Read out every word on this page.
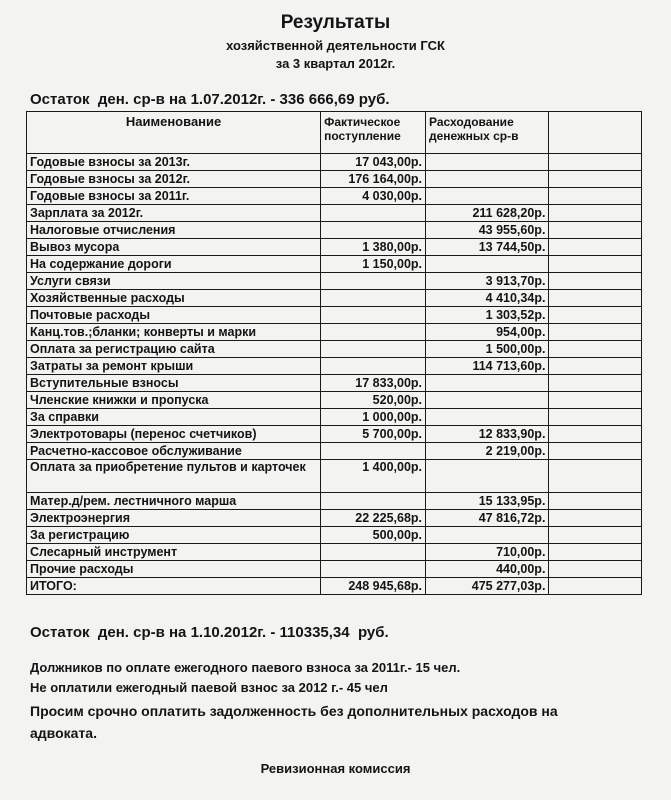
Результаты
хозяйственной деятельности ГСК
за 3 квартал 2012г.
Остаток  ден. ср-в на 1.07.2012г. - 336 666,69 руб.
Наименование	Фактическое поступление	Расходование денежных ср-в	
Годовые взносы за 2013г.	17 043,00р.		
Годовые взносы за 2012г.	176 164,00р.		
Годовые взносы за 2011г.	4 030,00р.		
Зарплата за 2012г.		211 628,20р.	
Налоговые отчисления		43 955,60р.	
Вывоз мусора	1 380,00р.	13 744,50р.	
На содержание дороги	1 150,00р.		
Услуги связи		3 913,70р.	
Хозяйственные расходы		4 410,34р.	
Почтовые расходы		1 303,52р.	
Канц.тов.;бланки; конверты и марки		954,00р.	
Оплата за регистрацию сайта		1 500,00р.	
Затраты за ремонт крыши		114 713,60р.	
Вступительные взносы	17 833,00р.		
Членские книжки и пропуска	520,00р.		
За справки	1 000,00р.		
Электротовары (перенос счетчиков)	5 700,00р.	12 833,90р.	
Расчетно-кассовое обслуживание		2 219,00р.	
Оплата за приобретение пультов и карточек	1 400,00р.		
Матер.д/рем. лестничного марша		15 133,95р.	
Электроэнергия	22 225,68р.	47 816,72р.	
За регистрацию	500,00р.		
Слесарный инструмент		710,00р.	
Прочие расходы		440,00р.	
ИТОГО:	248 945,68р.	475 277,03р.	
Остаток  ден. ср-в на 1.10.2012г. - 110335,34  руб.
Должников по оплате ежегодного паевого взноса за 2011г.- 15 чел.
Не оплатили ежегодный паевой взнос за 2012 г.- 45 чел
Просим срочно оплатить задолженность без дополнительных расходов на адвоката.
Ревизионная комиссия
